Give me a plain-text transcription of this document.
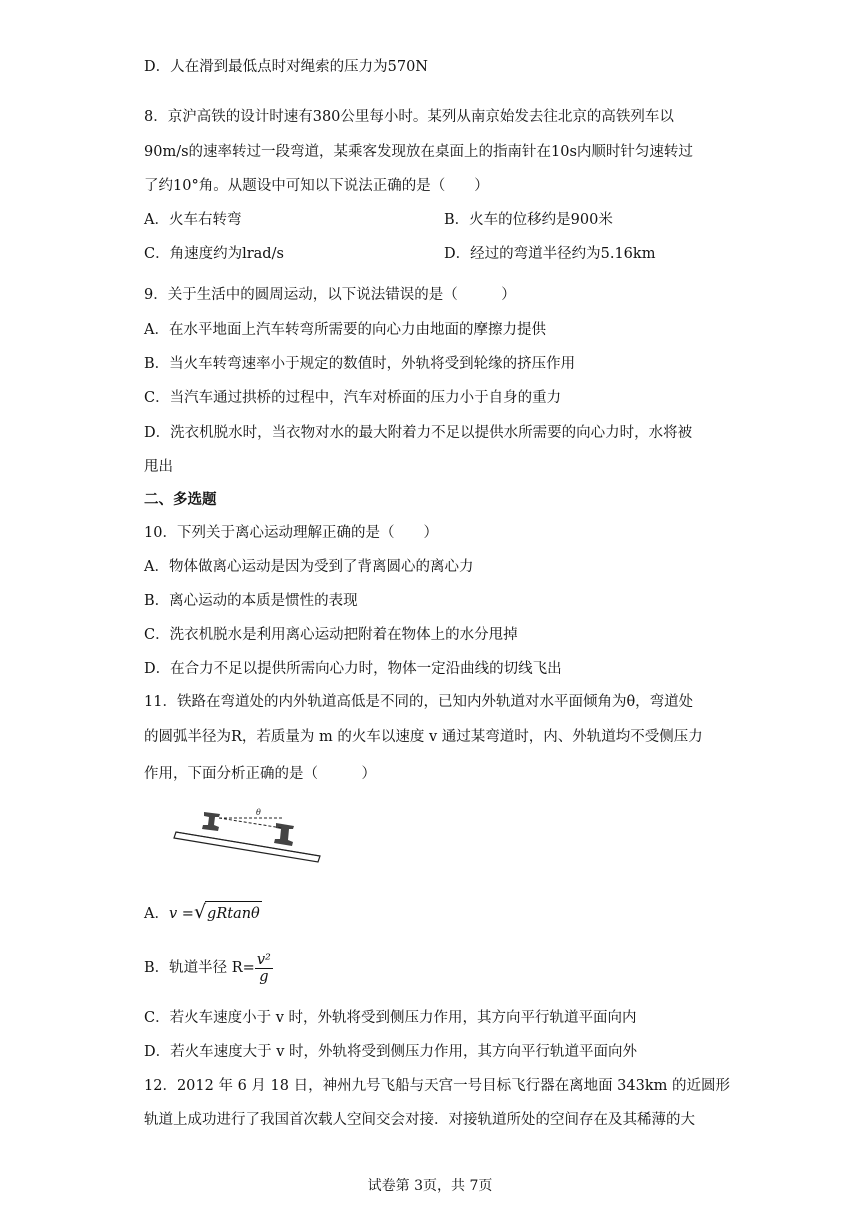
D．人在滑到最低点时对绳索的压力为570N
8．京沪高铁的设计时速有380公里每小时。某列从南京始发去往北京的高铁列车以
90m/s的速率转过一段弯道，某乘客发现放在桌面上的指南针在10s内顺时针匀速转过
了约10°角。从题设中可知以下说法正确的是（　　）
A．火车右转弯	B．火车的位移约是900米
C．角速度约为lrad/s	D．经过的弯道半径约为5.16km
9．关于生活中的圆周运动，以下说法错误的是（　　　）
A．在水平地面上汽车转弯所需要的向心力由地面的摩擦力提供
B．当火车转弯速率小于规定的数值时，外轨将受到轮缘的挤压作用
C．当汽车通过拱桥的过程中，汽车对桥面的压力小于自身的重力
D．洗衣机脱水时，当衣物对水的最大附着力不足以提供水所需要的向心力时，水将被
甩出
二、多选题
10．下列关于离心运动理解正确的是（　　）
A．物体做离心运动是因为受到了背离圆心的离心力
B．离心运动的本质是惯性的表现
C．洗衣机脱水是利用离心运动把附着在物体上的水分甩掉
D．在合力不足以提供所需向心力时，物体一定沿曲线的切线飞出
11．铁路在弯道处的内外轨道高低是不同的，已知内外轨道对水平面倾角为θ，弯道处
的圆弧半径为R，若质量为 m 的火车以速度 v 通过某弯道时，内、外轨道均不受侧压力
作用，下面分析正确的是（　　　）
θ
A．v =√gRtanθ
B．轨道半径 $R= \frac{\text{v²}}{g}$
C．若火车速度小于 v 时，外轨将受到侧压力作用，其方向平行轨道平面向内
D．若火车速度大于 v 时，外轨将受到侧压力作用，其方向平行轨道平面向外
12．2012 年 6 月 18 日，神州九号飞船与天宫一号目标飞行器在离地面 343km 的近圆形
轨道上成功进行了我国首次载人空间交会对接．对接轨道所处的空间存在及其稀薄的大
试卷第 3页，共 7页
